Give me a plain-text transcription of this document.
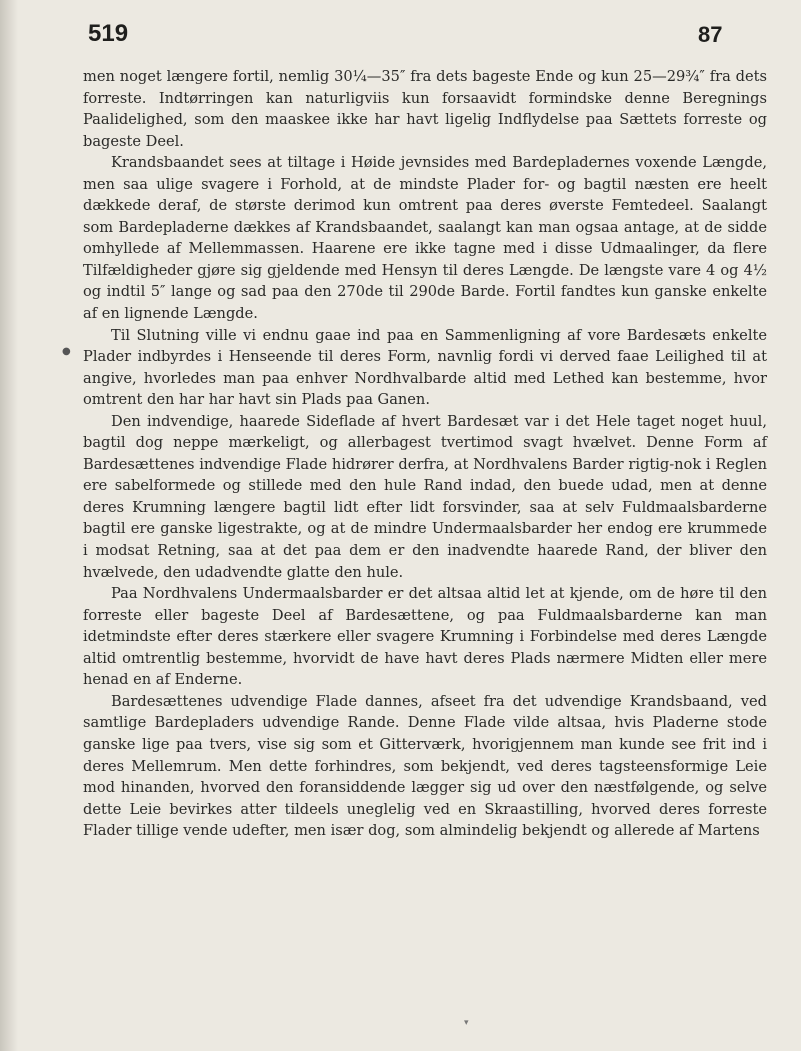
519	87
●

men noget længere fortil, nemlig 30¼—35″ fra dets bageste Ende og kun 25—29¾″ fra dets forreste. Indtørringen kan naturligviis kun forsaavidt formindske denne Beregnings Paalidelighed, som den maaskee ikke har havt ligelig Indflydelse paa Sættets forreste og bageste Deel.

Krandsbaandet sees at tiltage i Høide jevnsides med Bardepladernes voxende Længde, men saa ulige svagere i Forhold, at de mindste Plader for- og bagtil næsten ere heelt dækkede deraf, de største derimod kun omtrent paa deres øverste Femtedeel. Saalangt som Bardepladerne dækkes af Krandsbaandet, saalangt kan man ogsaa antage, at de sidde omhyllede af Mellemmassen. Haarene ere ikke tagne med i disse Udmaalinger, da flere Tilfældigheder gjøre sig gjeldende med Hensyn til deres Længde. De længste vare 4 og 4½ og indtil 5″ lange og sad paa den 270de til 290de Barde. Fortil fandtes kun ganske enkelte af en lignende Længde.

Til Slutning ville vi endnu gaae ind paa en Sammenligning af vore Bardesæts enkelte Plader indbyrdes i Henseende til deres Form, navnlig fordi vi derved faae Leilighed til at angive, hvorledes man paa enhver Nordhvalbarde altid med Lethed kan bestemme, hvor omtrent den har har havt sin Plads paa Ganen.

Den indvendige, haarede Sideflade af hvert Bardesæt var i det Hele taget noget huul, bagtil dog neppe mærkeligt, og allerbagest tvertimod svagt hvælvet. Denne Form af Bardesættenes indvendige Flade hidrører derfra, at Nordhvalens Barder rigtig-nok i Reglen ere sabelformede og stillede med den hule Rand indad, den buede udad, men at denne deres Krumning længere bagtil lidt efter lidt forsvinder, saa at selv Fuldmaalsbarderne bagtil ere ganske ligestrakte, og at de mindre Undermaalsbarder her endog ere krummede i modsat Retning, saa at det paa dem er den inadvendte haarede Rand, der bliver den hvælvede, den udadvendte glatte den hule.

Paa Nordhvalens Undermaalsbarder er det altsaa altid let at kjende, om de høre til den forreste eller bageste Deel af Bardesættene, og paa Fuldmaalsbarderne kan man idetmindste efter deres stærkere eller svagere Krumning i Forbindelse med deres Længde altid omtrentlig bestemme, hvorvidt de have havt deres Plads nærmere Midten eller mere henad en af Enderne.

Bardesættenes udvendige Flade dannes, afseet fra det udvendige Krandsbaand, ved samtlige Bardepladers udvendige Rande. Denne Flade vilde altsaa, hvis Pladerne stode ganske lige paa tvers, vise sig som et Gitterværk, hvorigjennem man kunde see frit ind i deres Mellemrum. Men dette forhindres, som bekjendt, ved deres tagsteensformige Leie mod hinanden, hvorved den foransiddende lægger sig ud over den næstfølgende, og selve dette Leie bevirkes atter tildeels uneglelig ved en Skraastilling, hvorved deres forreste Flader tillige vende udefter, men især dog, som almindelig bekjendt og allerede af Martens

▾
